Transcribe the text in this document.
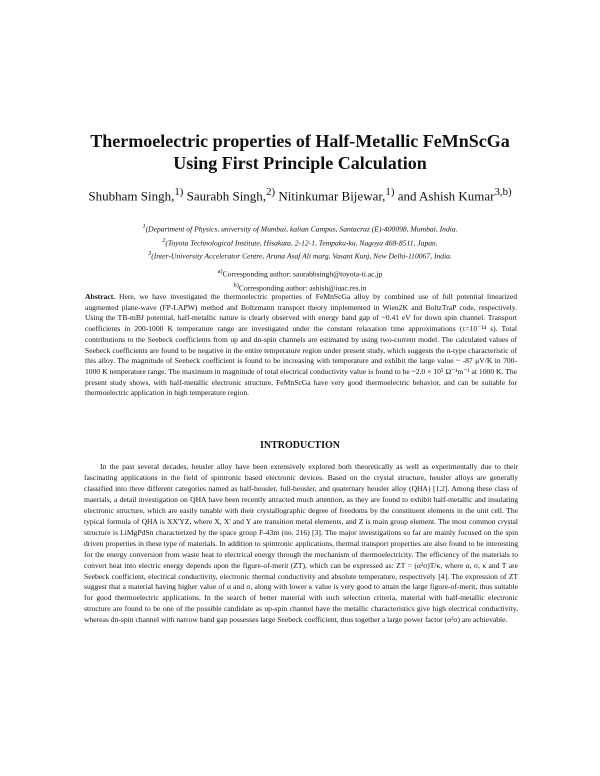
Thermoelectric properties of Half-Metallic FeMnScGa
Using First Principle Calculation
Shubham Singh,$^{1)}$ Saurabh Singh,$^{2)}$ Nitinkumar Bijewar,$^{1)}$ and Ashish Kumar$^{3,b)}$
$^1$(Department of Physics, university of Mumbai, kalian Campus, Santacruz (E)-400098, Mumbai, India.
$^2$(Toyota Technological Institute, Hisakata, 2-12-1, Tempaku-ku, Nagoya 468-8511, Japan.
$^3$(Inter-University Accelerator Centre, Aruna Asaf Ali marg, Vasant Kunj, New Delhi-110067, India.
$^{a)}$Corresponding author: saurabhsingh@toyota-ti.ac.jp
$^{b)}$Corresponding author: ashish@iuac.res.in
Abstract. Here, we have investigated the thermoelectric properties of FeMnScGa alloy by combined use of full potential linearized augmented plane-wave (FP-LAPW) method and Boltzmann transport theory implemented in Wien2K and BoltzTraP code, respectively. Using the TB-mBJ potential, half-metallic nature is clearly observed with energy band gap of ~0.41 eV for down spin channel. Transport coefficients in 200-1000 K temperature range are investigated under the constant relaxation time approximations (τ=10⁻¹⁴ s). Total contributions to the Seebeck coefficients from up and dn-spin channels are estimated by using two-current model. The calculated values of Seebeck coefficients are found to be negative in the entire temperature region under present study, which suggests the n-type characteristic of this alloy. The magnitude of Seebeck coefficient is found to be increasing with temperature and exhibit the large value ~ -87 μV/K in 700-1000 K temperature range. The maximum in magnitude of total electrical conductivity value is found to be ~2.0 × 10⁵ Ω⁻¹m⁻¹ at 1000 K. The present study shows, with half-metallic electronic structure, FeMnScGa have very good thermoelectric behavior, and can be suitable for thermoelectric application in high temperature region.
INTRODUCTION

In the past several decades, heusler alloy have been extensively explored both theoretically as well as experimentally due to their fascinating applications in the field of spintronic based electronic devices. Based on the crystal structure, heusler alloys are generally classified into three different categories named as half-heusler, full-heusler, and quaternary heusler alloy (QHA) [1,2]. Among these class of maerials, a detail investigation on QHA have been recently attracted much attention, as they are found to exhibit half-metallic and insulating electronic structure, which are easily tunable with their crystallographic degree of freedoms by the constituent elements in the unit cell. The typical formula of QHA is XX'YZ, where X, X' and Y are transition metal elements, and Z is main group element. The most common crystal structure is LiMgPdSn characterized by the space group F-43m (no. 216) [3]. The major investigations so far are mainly focused on the spin driven properties in these type of materials. In addition to spintronic applications, thermal transport properties are also found to be interesting for the energy conversion from waste heat to electrical energy through the mechanism of thermoelectricity. The efficiency of the materials to convert heat into electric energy depends upon the figure-of-merit (ZT), which can be expressed as: ZT = (α²σ)T/κ, where α, σ, κ and T are Seebeck coefficient, electrical conductivity, electronic thermal conductivity and absolute temperature, respectively [4]. The expression of ZT suggest that a material having higher value of α and σ, along with lower κ value is very good to attain the large figure-of-merit, thus suitable for good thermoelectric applications. In the search of better material with such selection criteria, material with half-metallic electronic structure are found to be one of the possible candidate as up-spin channel have the metallic characteristics give high electrical conductivity, whereas dn-spin channel with narrow band gap possesses large Seebeck coefficient, thus together a large power factor (α²σ) are achievable.
